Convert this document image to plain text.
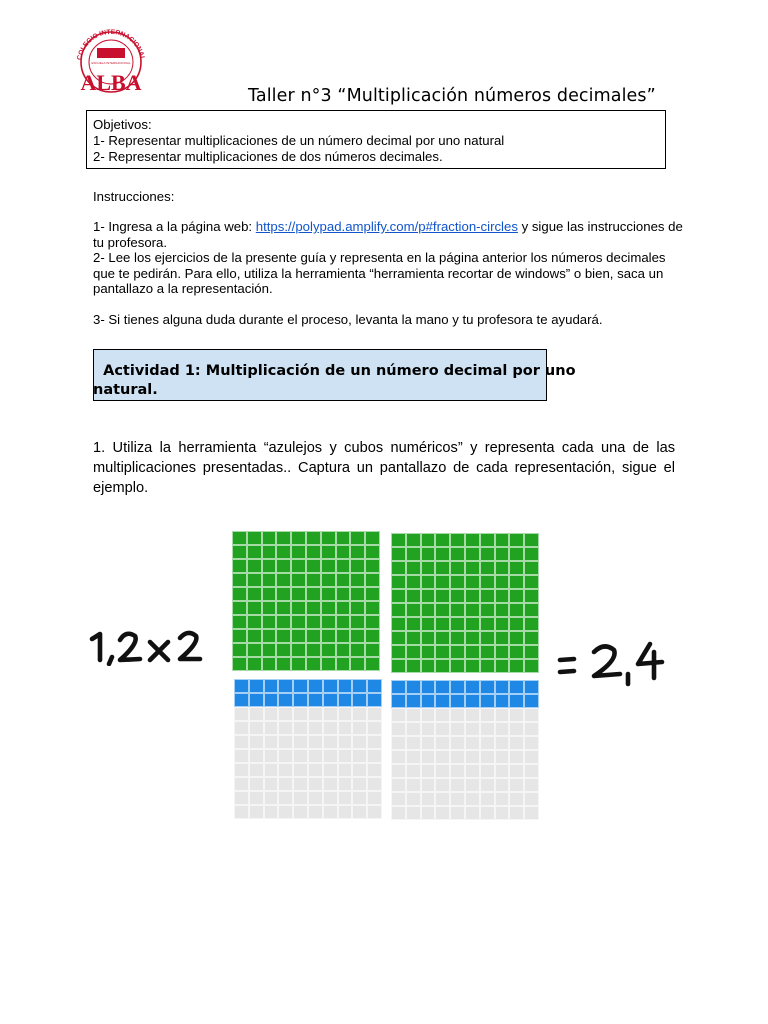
COLEGIO INTERNACIONAL
ESCUELA INTERNACIONAL
ALBA
Taller n°3 “Multiplicación números decimales”
Objetivos:
1- Representar multiplicaciones de un número decimal por uno natural
2- Representar multiplicaciones de dos números decimales.
Instrucciones:
1- Ingresa a la página web: https://polypad.amplify.com/p#fraction-circles y sigue las instrucciones de tu profesora.
2- Lee los ejercicios de la presente guía y representa en la página anterior los números decimales que te pedirán. Para ello, utiliza la herramienta “herramienta recortar de windows” o bien, saca un pantallazo a la representación.
3- Si tienes alguna duda durante el proceso, levanta la mano y tu profesora te ayudará.
Actividad 1: Multiplicación de un número decimal por uno natural.
1. Utiliza la herramienta “azulejos y cubos numéricos” y representa cada una de las multiplicaciones presentadas.. Captura un pantallazo de cada representación, sigue el ejemplo.
